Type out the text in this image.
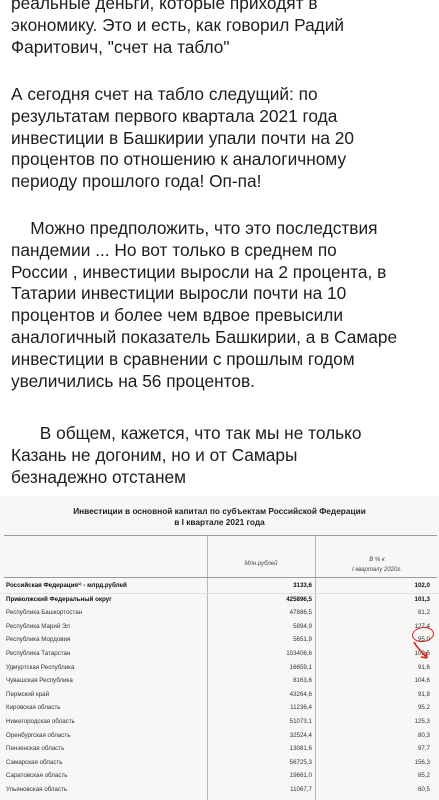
реальные деньги, которые приходят в
экономику. Это и есть, как говорил Радий
Фаритович, "счет на табло"
А сегодня счет на табло следущий: по
результатам первого квартала 2021 года
инвестиции в Башкирии упали почти на 20
процентов по отношению к аналогичному
периоду прошлого года! Оп-па!
Можно предположить, что это последствия
пандемии ... Но вот только в среднем по
России , инвестиции выросли на 2 процента, в
Татарии инвестиции выросли почти на 10
процентов и более чем вдвое превысили
аналогичный показатель Башкирии, а в Самаре
инвестиции в сравнении с прошлым годом
увеличились на 56 процентов.
В общем, кажется, что так мы не только
Казань не догоним, но и от Самары
безнадежно отстанем
Инвестиции в основной капитал по субъектам Российской Федерации
в I квартале 2021 года
Млн.рублей
В % к
I кварталу 2020г.
Российская Федерация¹⁾ - млрд.рублей	3133,6	102,0
Приволжский Федеральный округ	425896,5	101,3
Республика Башкортостан	47886,5	81,2
Республика Марий Эл	5894,9	127,4
Республика Мордовия	5651,9	95,0
Республика Татарстан	103406,6	109,5
Удмуртская Республика	16659,1	91,6
Чувашская Республика	8163,6	104,6
Пермский край	43264,6	91,8
Кировская область	11236,4	95,2
Нижегородская область	51073,1	125,3
Оренбургская область	32524,4	80,3
Пензенская область	13081,6	97,7
Самарская область	56725,3	156,3
Саратовская область	19661,0	85,2
Ульяновская область	11067,7	60,5
